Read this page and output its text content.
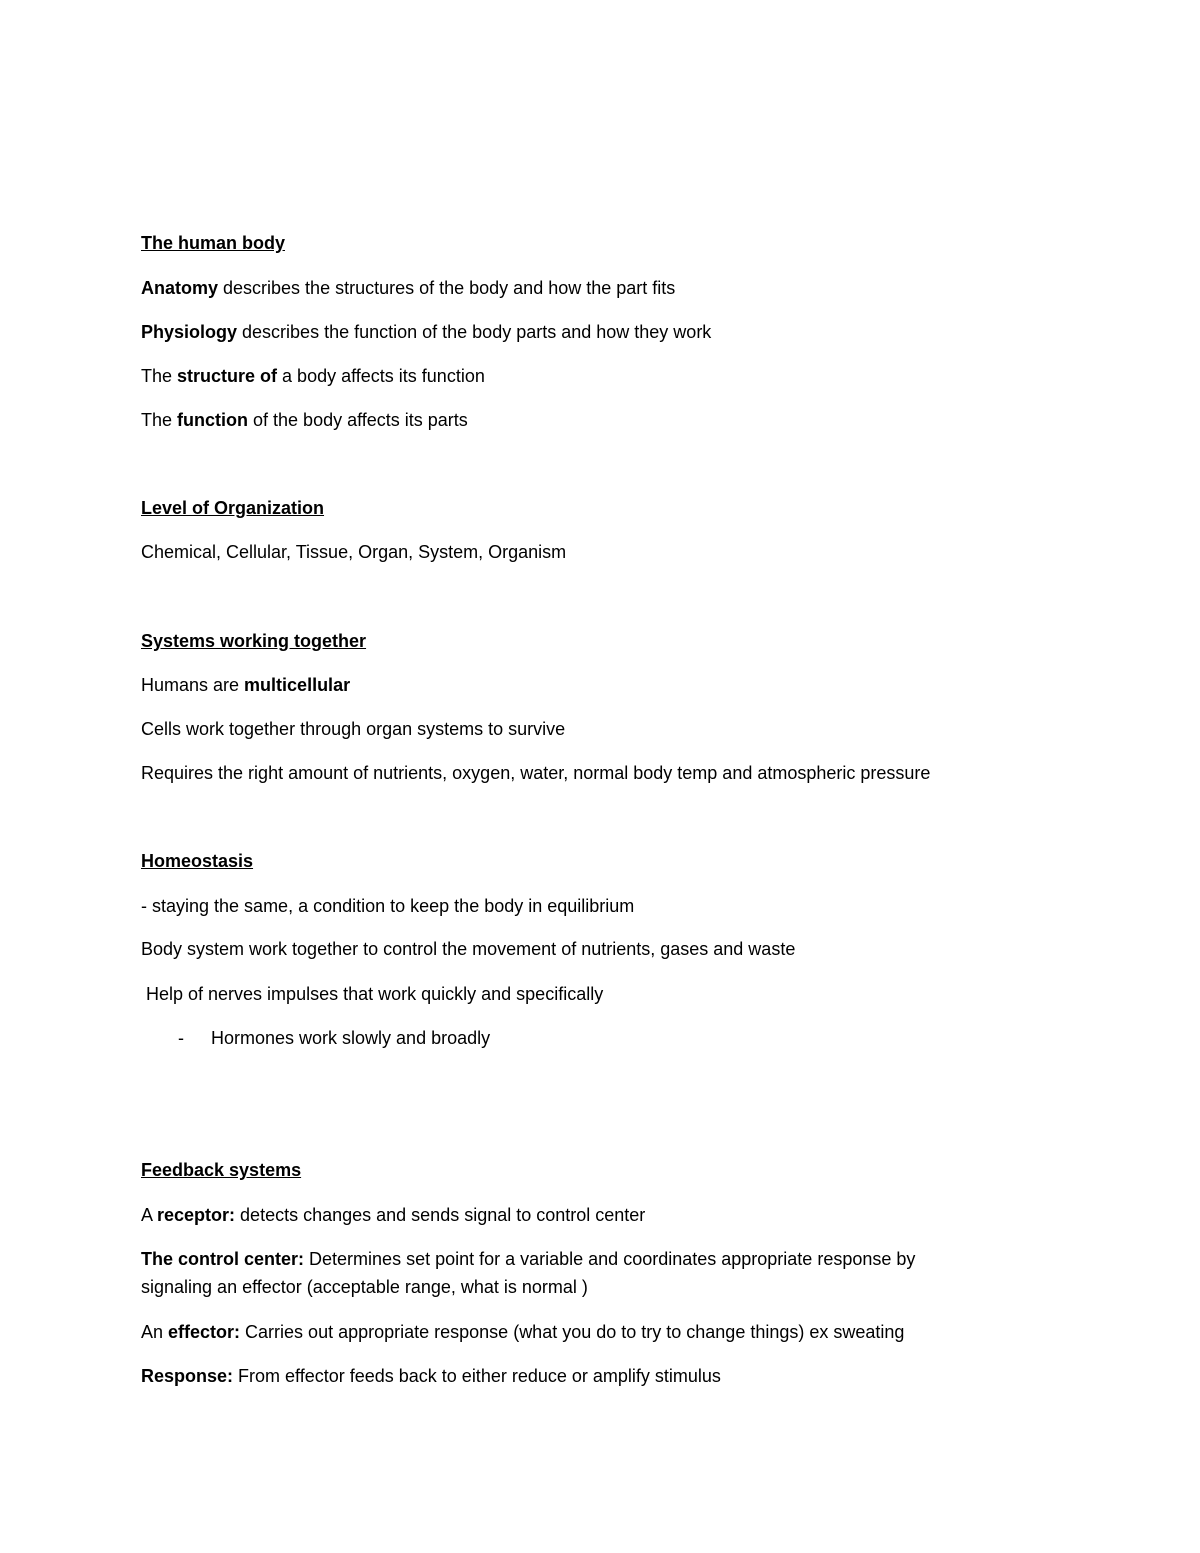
The human body
Anatomy describes the structures of the body and how the part fits
Physiology describes the function of the body parts and how they work
The structure of a body affects its function
The function of the body affects its parts
Level of Organization
Chemical, Cellular, Tissue, Organ, System, Organism
Systems working together
Humans are multicellular
Cells work together through organ systems to survive
Requires the right amount of nutrients, oxygen, water, normal body temp and atmospheric pressure
Homeostasis
- staying the same, a condition to keep the body in equilibrium
Body system work together to control the movement of nutrients, gases and waste
Help of nerves impulses that work quickly and specifically
- Hormones work slowly and broadly
Feedback systems
A receptor: detects changes and sends signal to control center
The control center: Determines set point for a variable and coordinates appropriate response by
signaling an effector (acceptable range, what is normal )
An effector: Carries out appropriate response (what you do to try to change things) ex sweating
Response: From effector feeds back to either reduce or amplify stimulus
